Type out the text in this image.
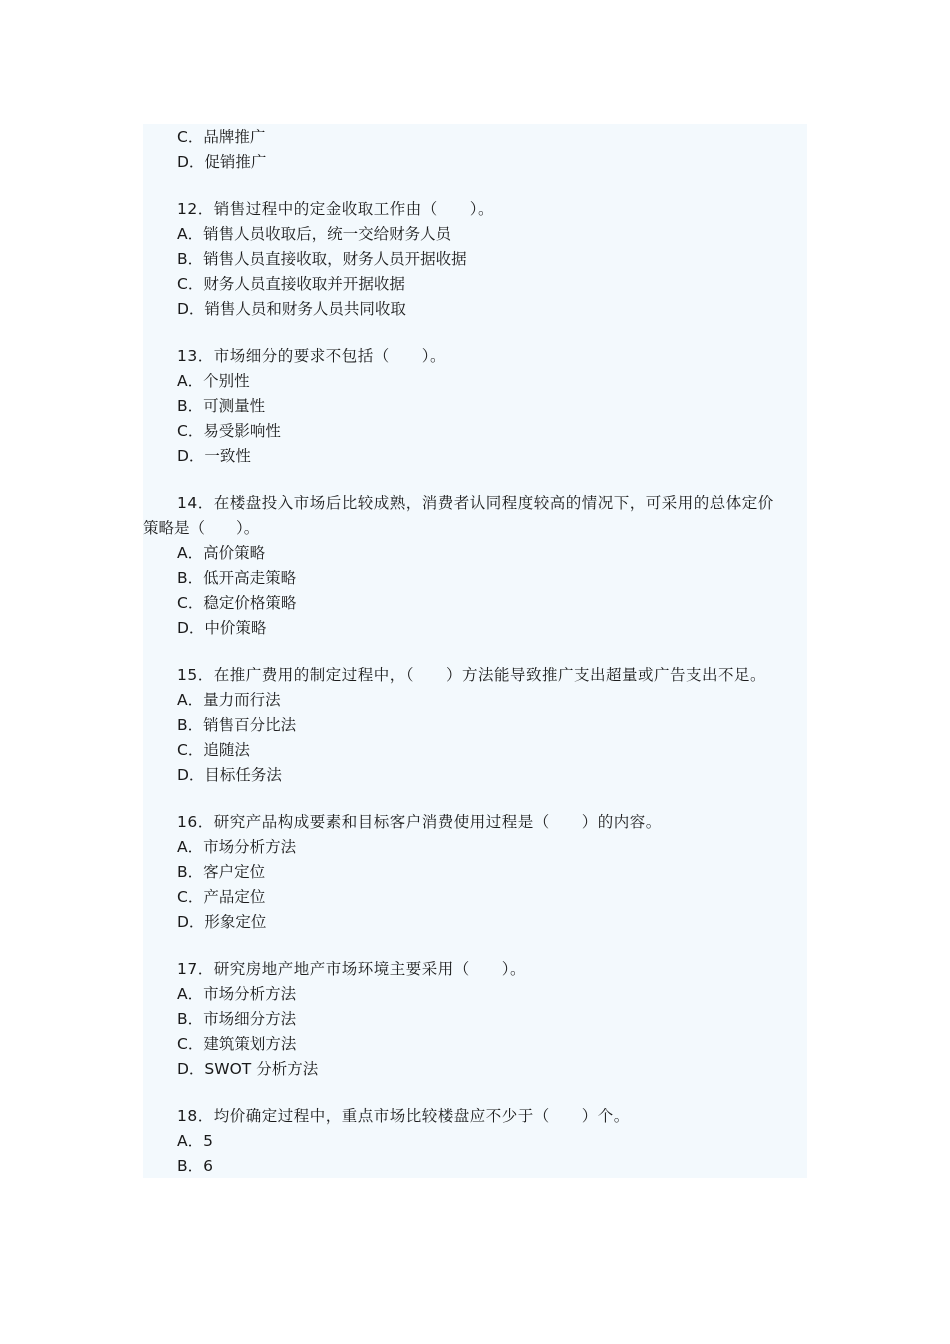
C．品牌推广
D．促销推广
12．销售过程中的定金收取工作由（　　）。
A．销售人员收取后，统一交给财务人员
B．销售人员直接收取，财务人员开据收据
C．财务人员直接收取并开据收据
D．销售人员和财务人员共同收取
13．市场细分的要求不包括（　　）。
A．个别性
B．可测量性
C．易受影响性
D．一致性
14．在楼盘投入市场后比较成熟，消费者认同程度较高的情况下，可采用的总体定价
策略是（　　）。
A．高价策略
B．低开高走策略
C．稳定价格策略
D．中价策略
15．在推广费用的制定过程中，（　　）方法能导致推广支出超量或广告支出不足。
A．量力而行法
B．销售百分比法
C．追随法
D．目标任务法
16．研究产品构成要素和目标客户消费使用过程是（　　）的内容。
A．市场分析方法
B．客户定位
C．产品定位
D．形象定位
17．研究房地产地产市场环境主要采用（　　）。
A．市场分析方法
B．市场细分方法
C．建筑策划方法
D．SWOT 分析方法
18．均价确定过程中，重点市场比较楼盘应不少于（　　）个。
A．5
B．6
